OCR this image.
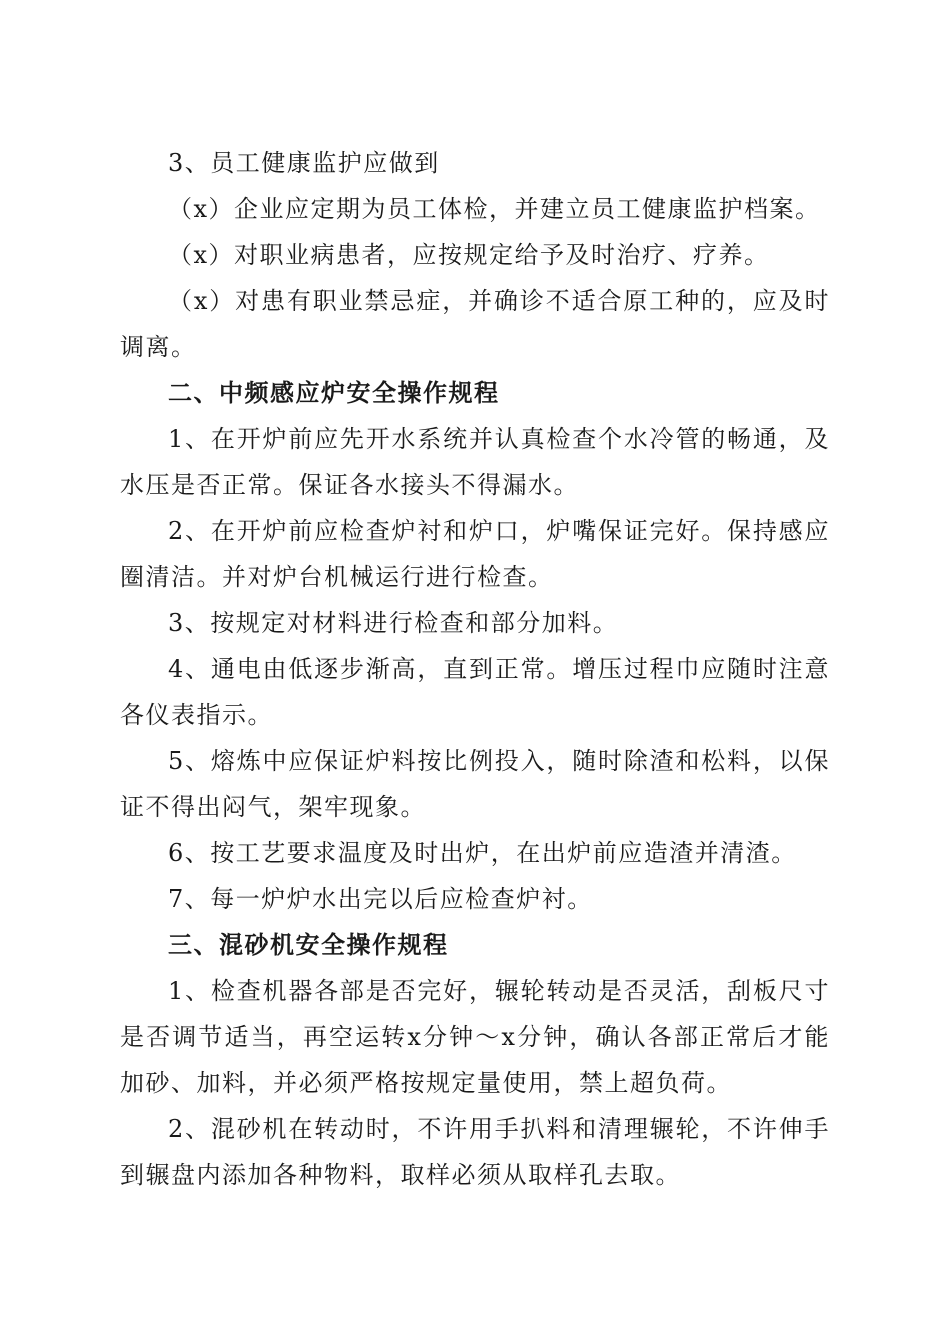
3、员工健康监护应做到

（x）企业应定期为员工体检，并建立员工健康监护档案。

（x）对职业病患者，应按规定给予及时治疗、疗养。

（x）对患有职业禁忌症，并确诊不适合原工种的，应及时调离。

二、中频感应炉安全操作规程

1、在开炉前应先开水系统并认真检查个水冷管的畅通，及水压是否正常。保证各水接头不得漏水。

2、在开炉前应检查炉衬和炉口，炉嘴保证完好。保持感应圈清洁。并对炉台机械运行进行检查。

3、按规定对材料进行检查和部分加料。

4、通电由低逐步渐高，直到正常。增压过程巾应随时注意各仪表指示。

5、熔炼中应保证炉料按比例投入，随时除渣和松料，以保证不得出闷气，架牢现象。

6、按工艺要求温度及时出炉，在出炉前应造渣并清渣。

7、每一炉炉水出完以后应检查炉衬。

三、混砂机安全操作规程

1、检查机器各部是否完好，辗轮转动是否灵活，刮板尺寸是否调节适当，再空运转x分钟～x分钟，确认各部正常后才能加砂、加料，并必须严格按规定量使用，禁上超负荷。

2、混砂机在转动时，不许用手扒料和清理辗轮，不许伸手到辗盘内添加各种物料，取样必须从取样孔去取。
